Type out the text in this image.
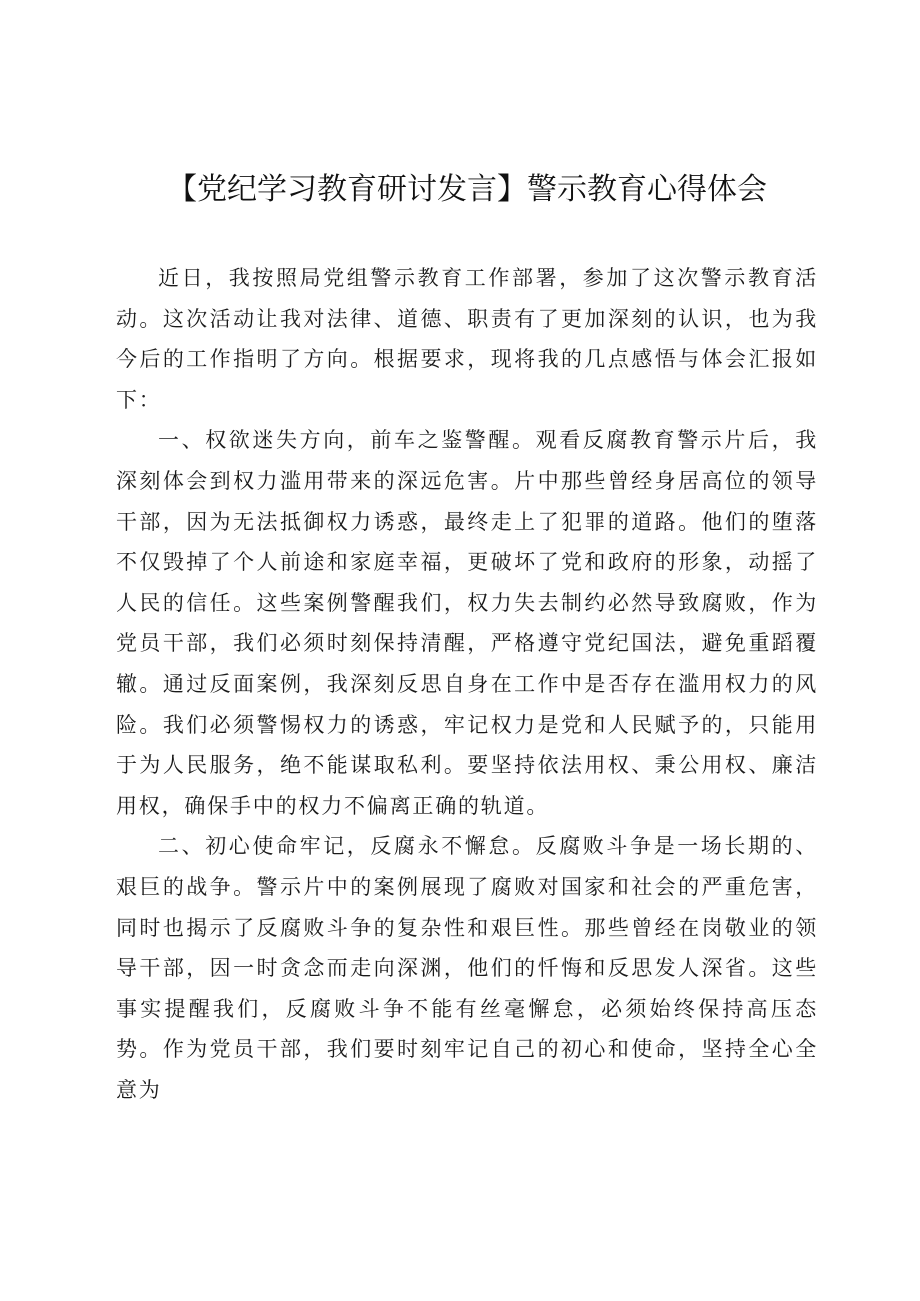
【党纪学习教育研讨发言】警示教育心得体会

近日，我按照局党组警示教育工作部署，参加了这次警示教育活动。这次活动让我对法律、道德、职责有了更加深刻的认识，也为我今后的工作指明了方向。根据要求，现将我的几点感悟与体会汇报如下：

一、权欲迷失方向，前车之鉴警醒。观看反腐教育警示片后，我深刻体会到权力滥用带来的深远危害。片中那些曾经身居高位的领导干部，因为无法抵御权力诱惑，最终走上了犯罪的道路。他们的堕落不仅毁掉了个人前途和家庭幸福，更破坏了党和政府的形象，动摇了人民的信任。这些案例警醒我们，权力失去制约必然导致腐败，作为党员干部，我们必须时刻保持清醒，严格遵守党纪国法，避免重蹈覆辙。通过反面案例，我深刻反思自身在工作中是否存在滥用权力的风险。我们必须警惕权力的诱惑，牢记权力是党和人民赋予的，只能用于为人民服务，绝不能谋取私利。要坚持依法用权、秉公用权、廉洁用权，确保手中的权力不偏离正确的轨道。

二、初心使命牢记，反腐永不懈怠。反腐败斗争是一场长期的、艰巨的战争。警示片中的案例展现了腐败对国家和社会的严重危害，同时也揭示了反腐败斗争的复杂性和艰巨性。那些曾经在岗敬业的领导干部，因一时贪念而走向深渊，他们的忏悔和反思发人深省。这些事实提醒我们，反腐败斗争不能有丝毫懈怠，必须始终保持高压态势。作为党员干部，我们要时刻牢记自己的初心和使命，坚持全心全意为
